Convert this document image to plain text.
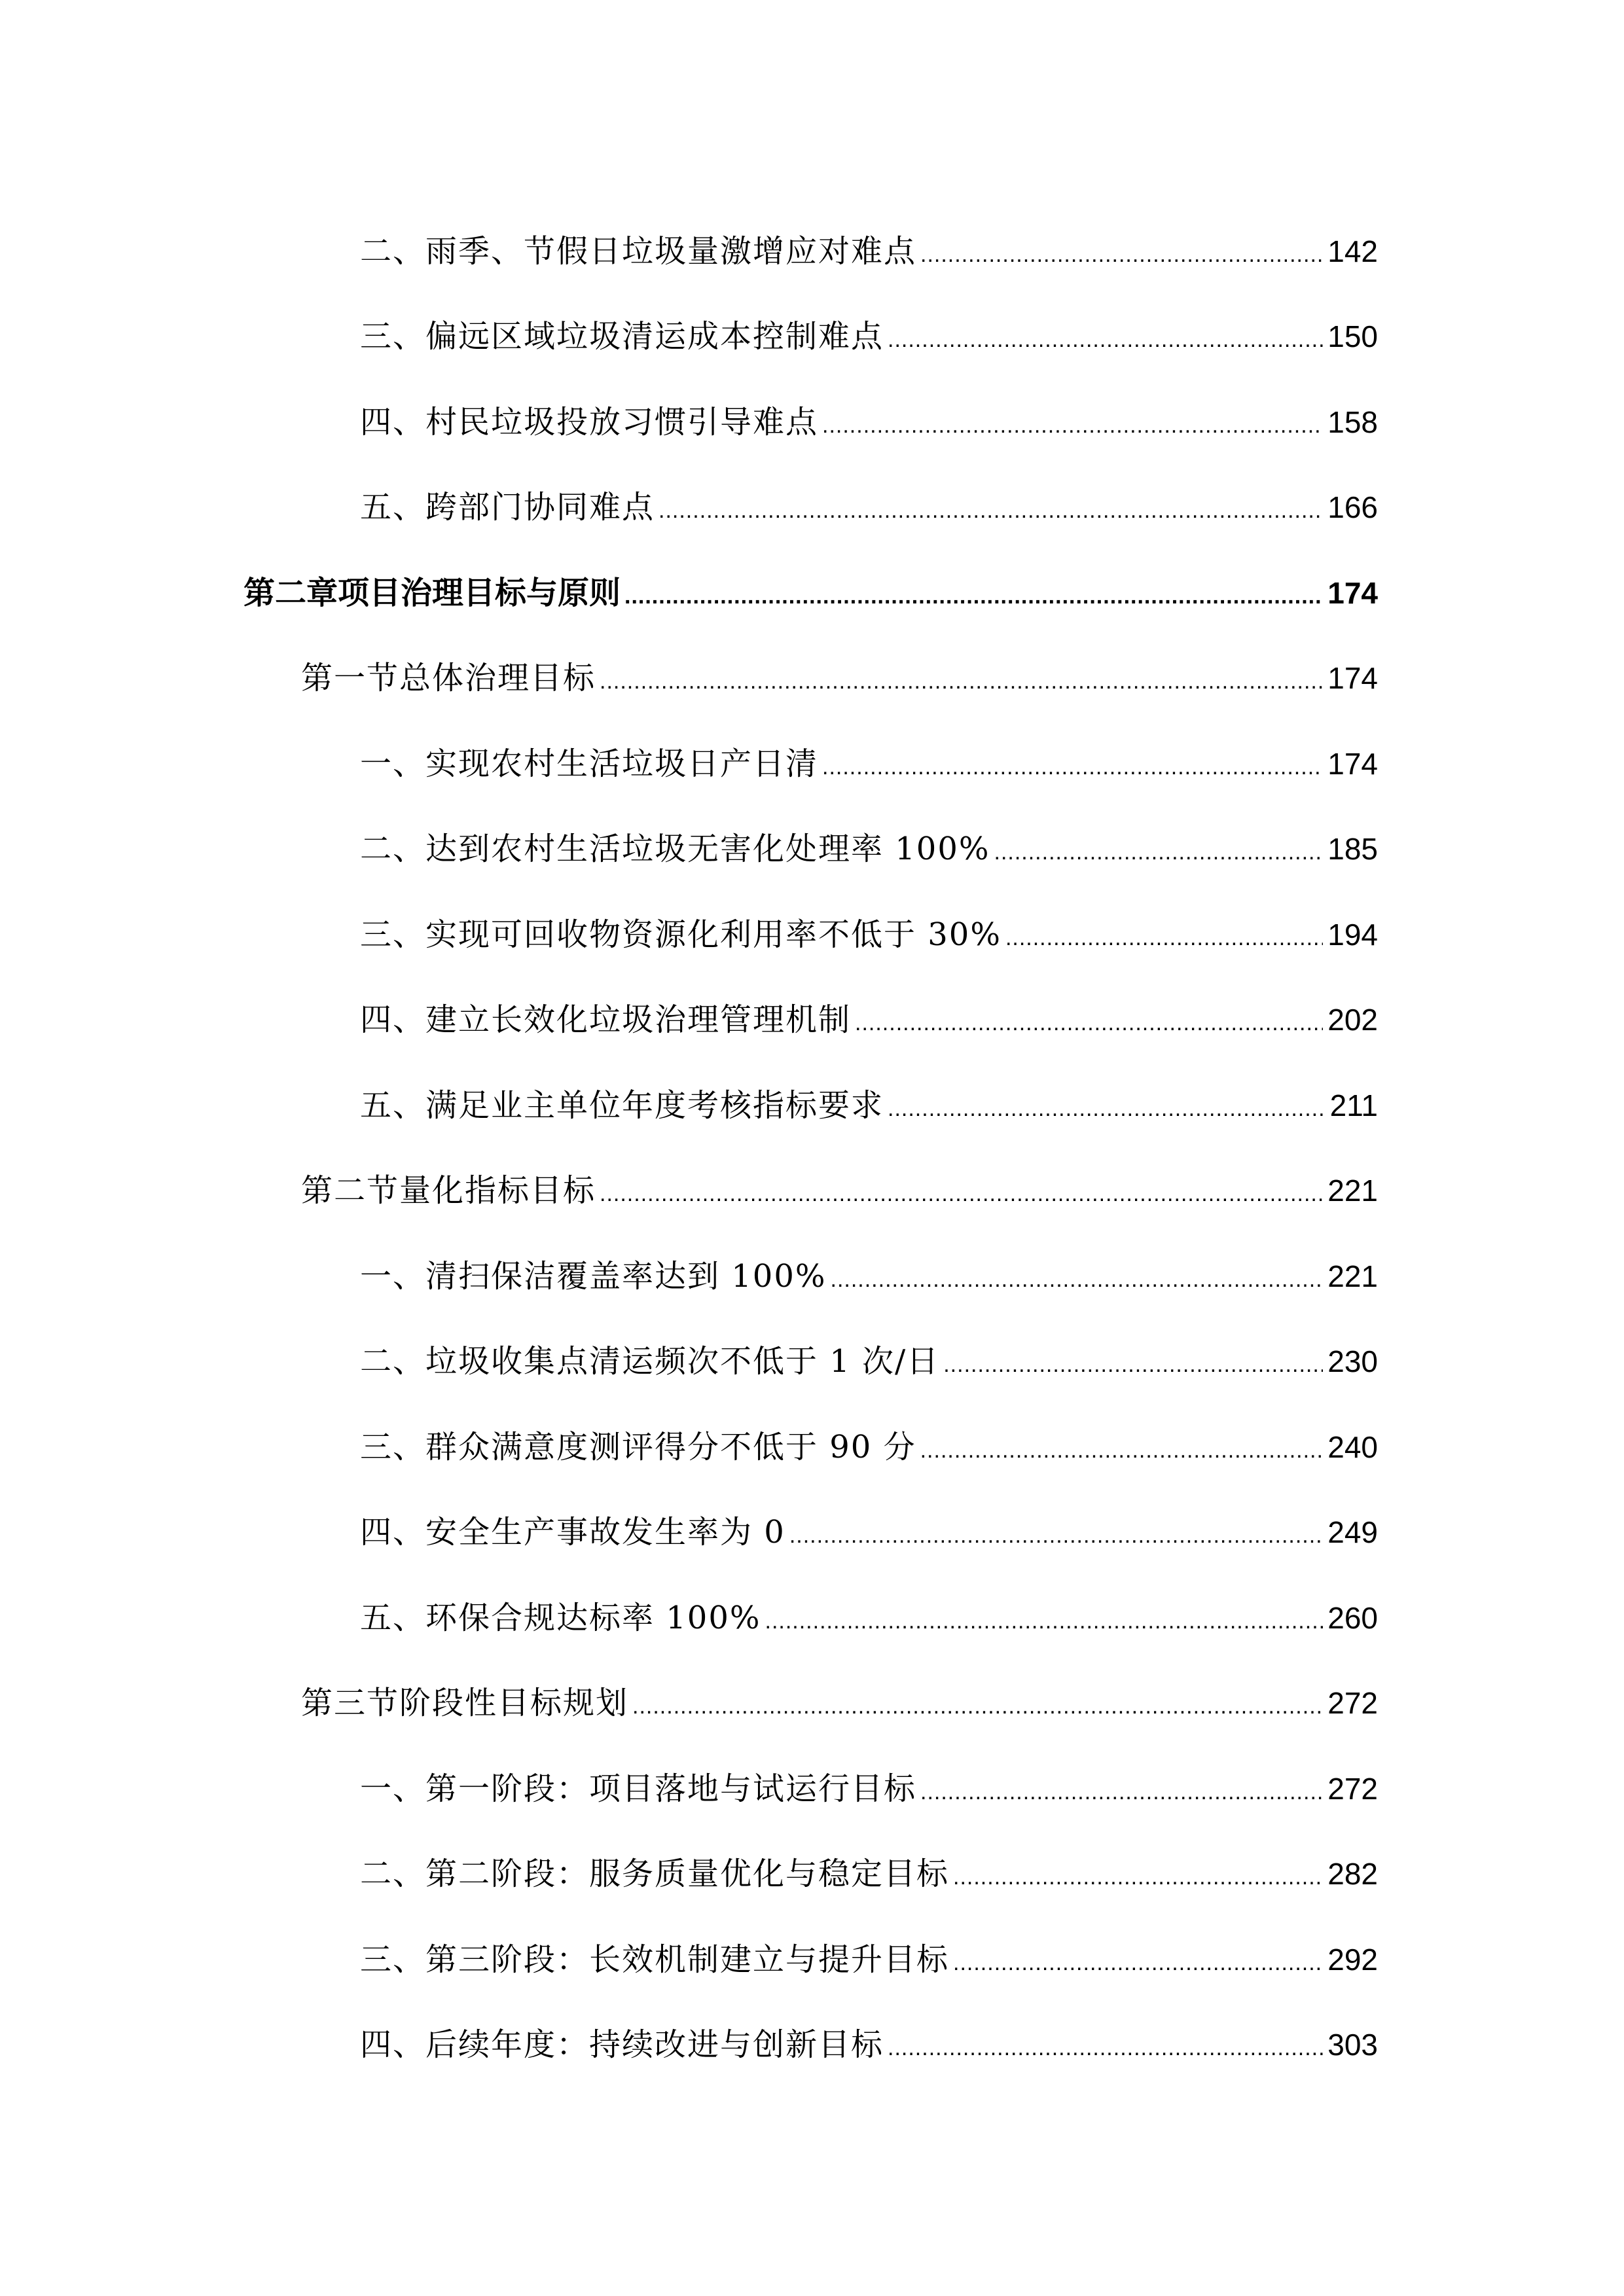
二、雨季、节假日垃圾量激增应对难点 .....	142
三、偏远区域垃圾清运成本控制难点 .....	150
四、村民垃圾投放习惯引导难点 .....	158
五、跨部门协同难点 .....	166
第二章项目治理目标与原则 .....	174
第一节总体治理目标 .....	174
一、实现农村生活垃圾日产日清 .....	174
二、达到农村生活垃圾无害化处理率 100% .....	185
三、实现可回收物资源化利用率不低于 30% .....	194
四、建立长效化垃圾治理管理机制 .....	202
五、满足业主单位年度考核指标要求 .....	211
第二节量化指标目标 .....	221
一、清扫保洁覆盖率达到 100% .....	221
二、垃圾收集点清运频次不低于 1 次/日 .....	230
三、群众满意度测评得分不低于 90 分 .....	240
四、安全生产事故发生率为 0 .....	249
五、环保合规达标率 100% .....	260
第三节阶段性目标规划 .....	272
一、第一阶段：项目落地与试运行目标 .....	272
二、第二阶段：服务质量优化与稳定目标 .....	282
三、第三阶段：长效机制建立与提升目标 .....	292
四、后续年度：持续改进与创新目标 .....	303
